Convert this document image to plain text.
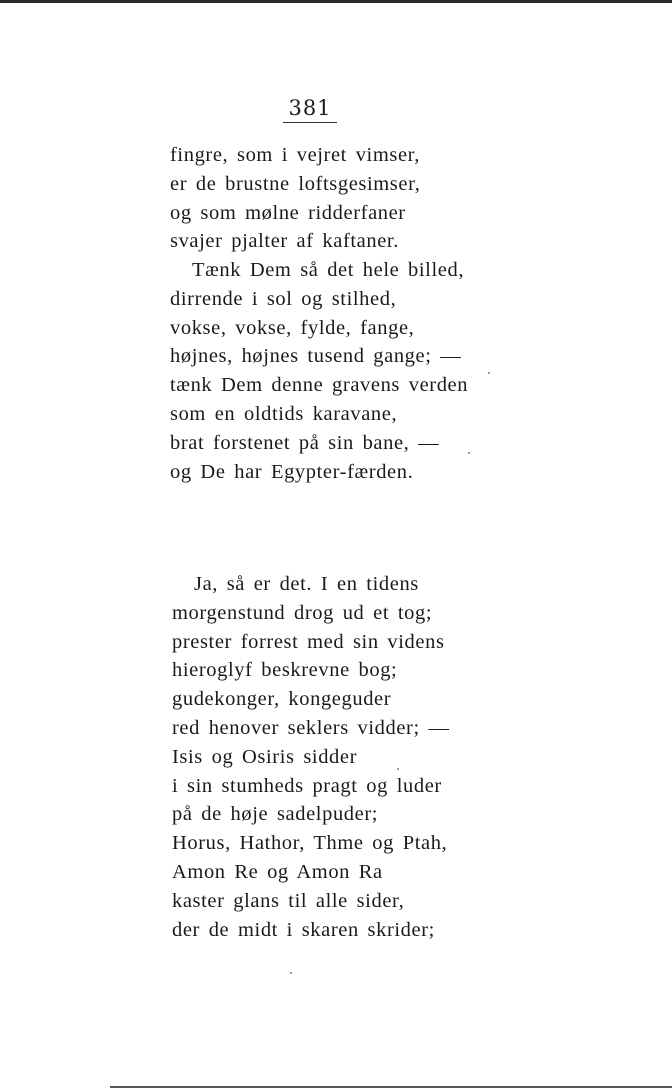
381
fingre, som i vejret vimser,
er de brustne loftsgesimser,
og som mølne ridderfaner
svajer pjalter af kaftaner.
Tænk Dem så det hele billed,
dirrende i sol og stilhed,
vokse, vokse, fylde, fange,
højnes, højnes tusend gange; —
tænk Dem denne gravens verden
som en oldtids karavane,
brat forstenet på sin bane, —
og De har Egypter-færden.
Ja, så er det. I en tidens
morgenstund drog ud et tog;
prester forrest med sin videns
hieroglyf beskrevne bog;
gudekonger, kongeguder
red henover seklers vidder; —
Isis og Osiris sidder
i sin stumheds pragt og luder
på de høje sadelpuder;
Horus, Hathor, Thme og Ptah,
Amon Re og Amon Ra
kaster glans til alle sider,
der de midt i skaren skrider;
